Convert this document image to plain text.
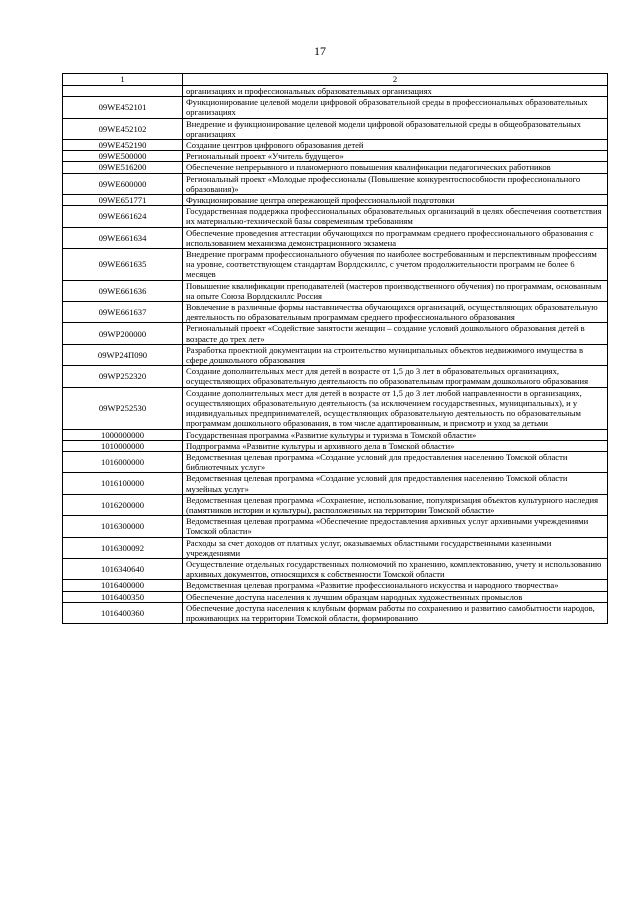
17
1	2
	организациях и профессиональных образовательных организациях
09WE452101	Функционирование целевой модели цифровой образовательной среды в профессиональных образовательных организациях
09WE452102	Внедрение и функционирование целевой модели цифровой образовательной среды в общеобразовательных организациях
09WE452190	Создание центров цифрового образования детей
09WE500000	Региональный проект «Учитель будущего»
09WE516200	Обеспечение непрерывного и планомерного повышения квалификации педагогических работников
09WE600000	Региональный проект «Молодые профессионалы (Повышение конкурентоспособности профессионального образования)»
09WE651771	Функционирование центра опережающей профессиональной подготовки
09WE661624	Государственная поддержка профессиональных образовательных организаций в целях обеспечения соответствия их материально-технической базы современным требованиям
09WE661634	Обеспечение проведения аттестации обучающихся по программам среднего профессионального образования с использованием механизма демонстрационного экзамена
09WE661635	Внедрение программ профессионального обучения по наиболее востребованным и перспективным профессиям на уровне, соответствующем стандартам Ворлдскиллс, с учетом продолжительности программ не более 6 месяцев
09WE661636	Повышение квалификации преподавателей (мастеров производственного обучения) по программам, основанным на опыте Союза Ворлдскиллс Россия
09WE661637	Вовлечение в различные формы наставничества обучающихся организаций, осуществляющих образовательную деятельность по образовательным программам среднего профессионального образования
09WP200000	Региональный проект «Содействие занятости женщин – создание условий дошкольного образования детей в возрасте до трех лет»
09WP24П090	Разработка проектной документации на строительство муниципальных объектов недвижимого имущества в сфере дошкольного образования
09WP252320	Создание дополнительных мест для детей в возрасте от 1,5 до 3 лет в образовательных организациях, осуществляющих образовательную деятельность по образовательным программам дошкольного образования
09WP252530	Создание дополнительных мест для детей в возрасте от 1,5 до 3 лет любой направленности в организациях, осуществляющих образовательную деятельность (за исключением государственных, муниципальных), и у индивидуальных предпринимателей, осуществляющих образовательную деятельность по образовательным программам дошкольного образования, в том числе адаптированным, и присмотр и уход за детьми
1000000000	Государственная программа «Развитие культуры и туризма в Томской области»
1010000000	Подпрограмма «Развитие культуры и архивного дела в Томской области»
1016000000	Ведомственная целевая программа «Создание условий для предоставления населению Томской области библиотечных услуг»
1016100000	Ведомственная целевая программа «Создание условий для предоставления населению Томской области музейных услуг»
1016200000	Ведомственная целевая программа «Сохранение, использование, популяризация объектов культурного наследия (памятников истории и культуры), расположенных на территории Томской области»
1016300000	Ведомственная целевая программа «Обеспечение предоставления архивных услуг архивными учреждениями Томской области»
1016300092	Расходы за счет доходов от платных услуг, оказываемых областными государственными казенными учреждениями
1016340640	Осуществление отдельных государственных полномочий по хранению, комплектованию, учету и использованию архивных документов, относящихся к собственности Томской области
1016400000	Ведомственная целевая программа «Развитие профессионального искусства и народного творчества»
1016400350	Обеспечение доступа населения к лучшим образцам народных художественных промыслов
1016400360	Обеспечение доступа населения к клубным формам работы по сохранению и развитию самобытности народов, проживающих на территории Томской области, формированию
